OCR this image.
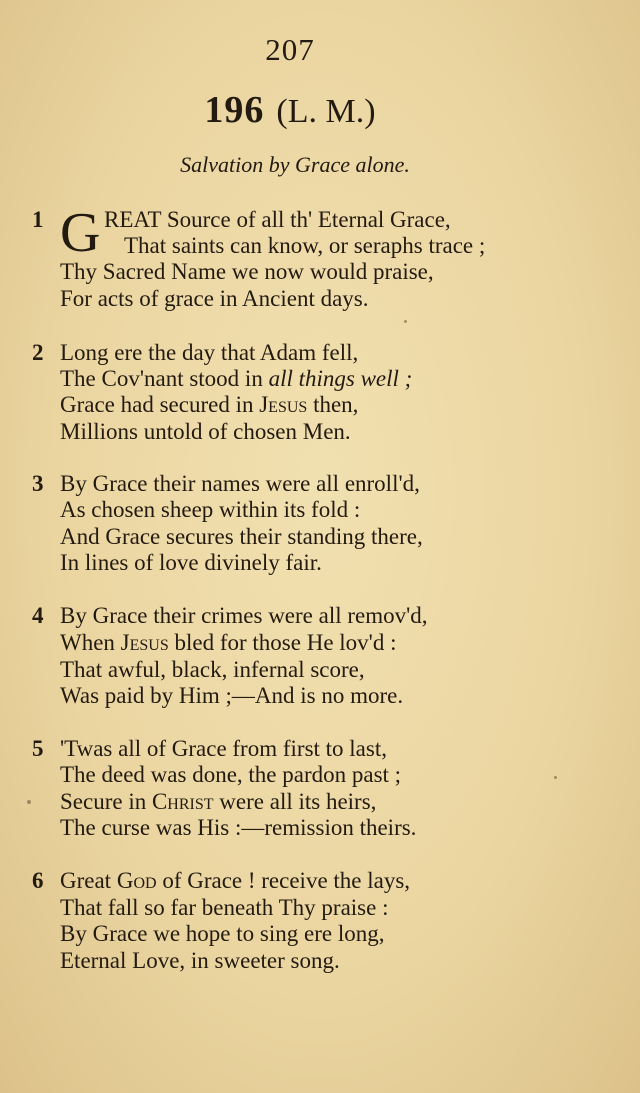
207
196 (L. M.)
Salvation by Grace alone.
1 G REAT Source of all th' Eternal Grace,
That saints can know, or seraphs trace ;
Thy Sacred Name we now would praise,
For acts of grace in Ancient days.
2 Long ere the day that Adam fell,
The Cov'nant stood in all things well ;
Grace had secured in Jesus then,
Millions untold of chosen Men.
3 By Grace their names were all enroll'd,
As chosen sheep within its fold :
And Grace secures their standing there,
In lines of love divinely fair.
4 By Grace their crimes were all remov'd,
When Jesus bled for those He lov'd :
That awful, black, infernal score,
Was paid by Him ;—And is no more.
5 'Twas all of Grace from first to last,
The deed was done, the pardon past ;
Secure in Christ were all its heirs,
The curse was His :—remission theirs.
6 Great God of Grace ! receive the lays,
That fall so far beneath Thy praise :
By Grace we hope to sing ere long,
Eternal Love, in sweeter song.
